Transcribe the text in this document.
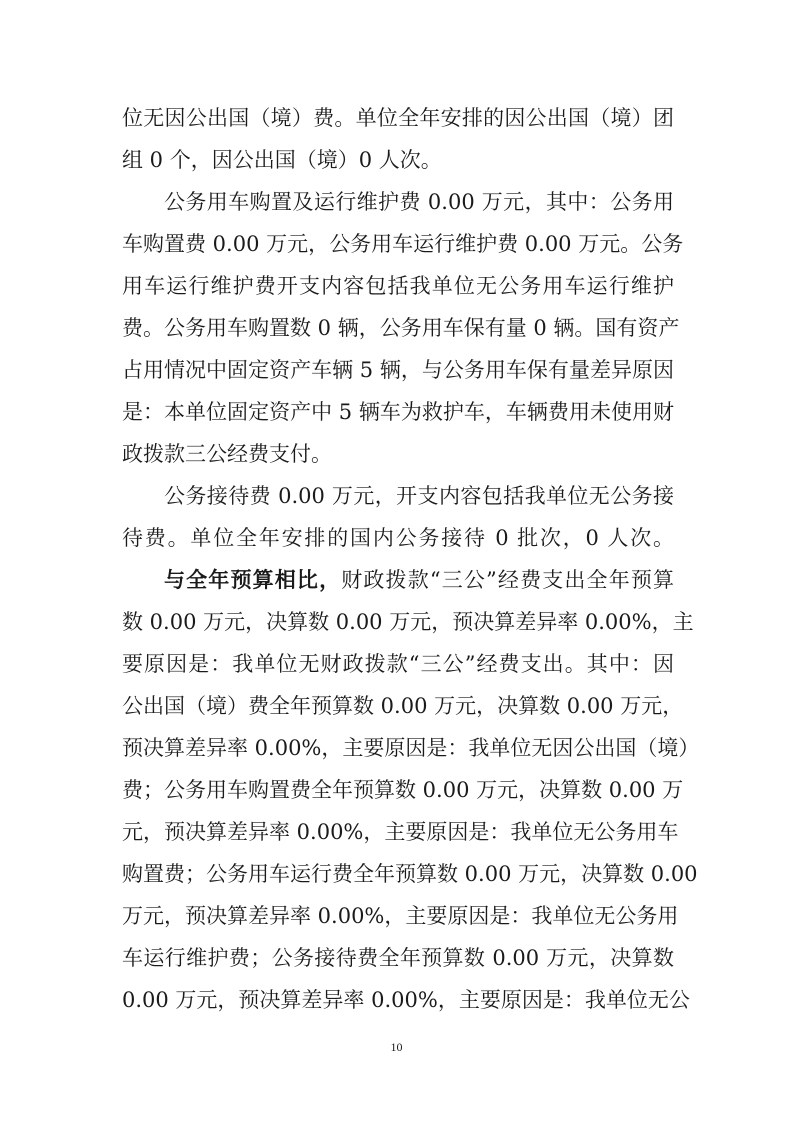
位无因公出国（境）费。单位全年安排的因公出国（境）团
组 0 个，因公出国（境）0 人次。
公务用车购置及运行维护费 0.00 万元，其中：公务用
车购置费 0.00 万元，公务用车运行维护费 0.00 万元。公务
用车运行维护费开支内容包括我单位无公务用车运行维护
费。公务用车购置数 0 辆，公务用车保有量 0 辆。国有资产
占用情况中固定资产车辆 5 辆，与公务用车保有量差异原因
是：本单位固定资产中 5 辆车为救护车，车辆费用未使用财
政拨款三公经费支付。
公务接待费 0.00 万元，开支内容包括我单位无公务接
待费。单位全年安排的国内公务接待 0 批次，0 人次。
与全年预算相比，财政拨款“三公”经费支出全年预算
数 0.00 万元，决算数 0.00 万元，预决算差异率 0.00%，主
要原因是：我单位无财政拨款“三公”经费支出。其中：因
公出国（境）费全年预算数 0.00 万元，决算数 0.00 万元，
预决算差异率 0.00%，主要原因是：我单位无因公出国（境）
费；公务用车购置费全年预算数 0.00 万元，决算数 0.00 万
元，预决算差异率 0.00%，主要原因是：我单位无公务用车
购置费；公务用车运行费全年预算数 0.00 万元，决算数 0.00
万元，预决算差异率 0.00%，主要原因是：我单位无公务用
车运行维护费；公务接待费全年预算数 0.00 万元，决算数
0.00 万元，预决算差异率 0.00%，主要原因是：我单位无公
10
